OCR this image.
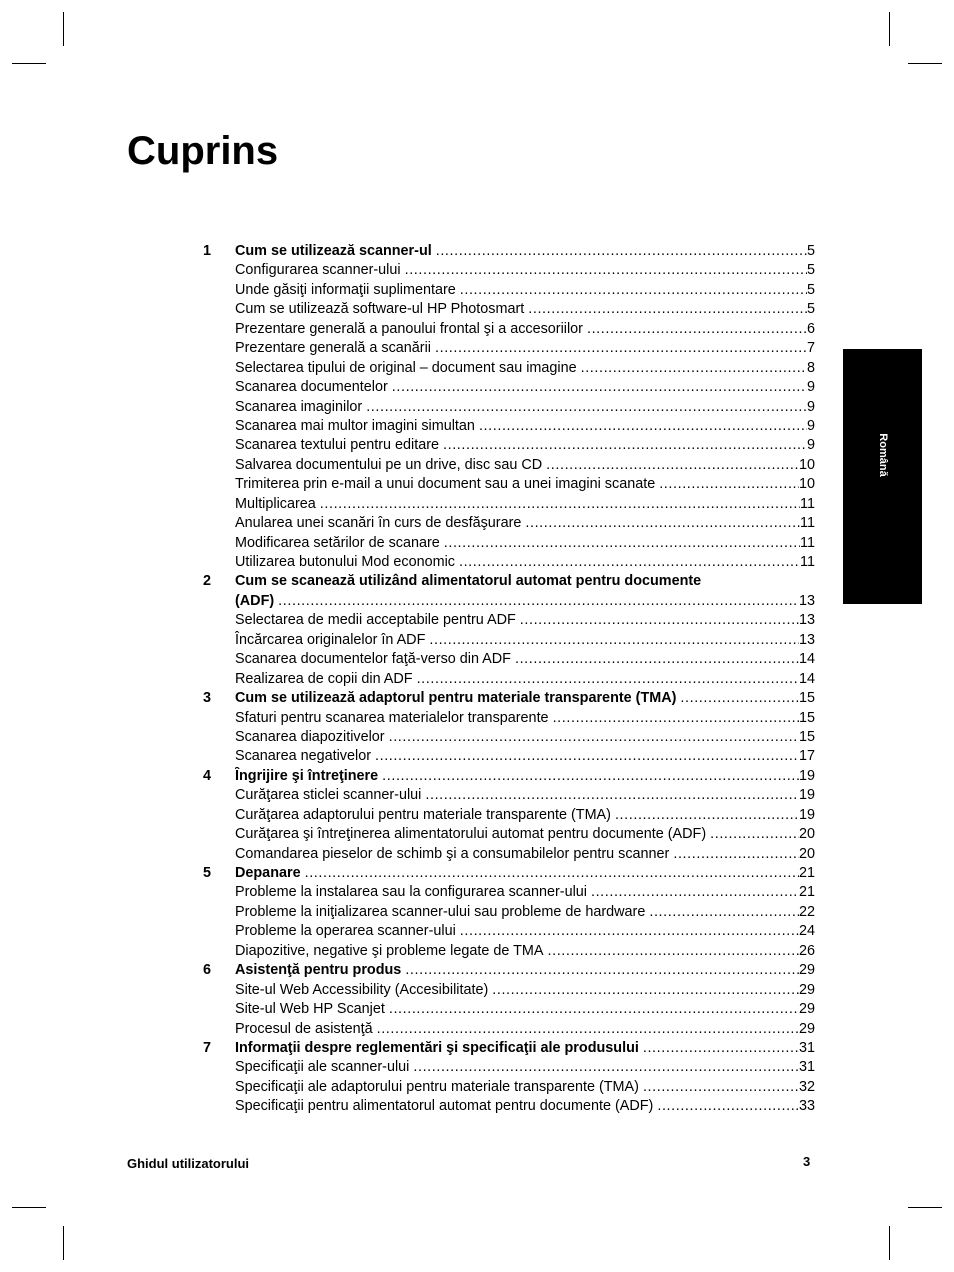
Cuprins
1 Cum se utilizează scanner-ul .....	5
Configurarea scanner-ului .....	5
Unde găsiţi informaţii suplimentare .....	5
Cum se utilizează software-ul HP Photosmart .....	5
Prezentare generală a panoului frontal şi a accesoriilor .....	6
Prezentare generală a scanării .....	7
Selectarea tipului de original – document sau imagine .....	8
Scanarea documentelor .....	9
Scanarea imaginilor .....	9
Scanarea mai multor imagini simultan .....	9
Scanarea textului pentru editare .....	9
Salvarea documentului pe un drive, disc sau CD .....	10
Trimiterea prin e-mail a unui document sau a unei imagini scanate .....	10
Multiplicarea .....	11
Anularea unei scanări în curs de desfăşurare .....	11
Modificarea setărilor de scanare .....	11
Utilizarea butonului Mod economic .....	11
2 Cum se scanează utilizând alimentatorul automat pentru documente
(ADF) .....	13
Selectarea de medii acceptabile pentru ADF .....	13
Încărcarea originalelor în ADF .....	13
Scanarea documentelor faţă-verso din ADF .....	14
Realizarea de copii din ADF .....	14
3 Cum se utilizează adaptorul pentru materiale transparente (TMA) .....	15
Sfaturi pentru scanarea materialelor transparente .....	15
Scanarea diapozitivelor .....	15
Scanarea negativelor .....	17
4 Îngrijire şi întreţinere .....	19
Curăţarea sticlei scanner-ului .....	19
Curăţarea adaptorului pentru materiale transparente (TMA) .....	19
Curăţarea şi întreţinerea alimentatorului automat pentru documente (ADF) .....	20
Comandarea pieselor de schimb şi a consumabilelor pentru scanner .....	20
5 Depanare .....	21
Probleme la instalarea sau la configurarea scanner-ului .....	21
Probleme la iniţializarea scanner-ului sau probleme de hardware .....	22
Probleme la operarea scanner-ului .....	24
Diapozitive, negative şi probleme legate de TMA .....	26
6 Asistenţă pentru produs .....	29
Site-ul Web Accessibility (Accesibilitate) .....	29
Site-ul Web HP Scanjet .....	29
Procesul de asistenţă .....	29
7 Informaţii despre reglementări şi specificaţii ale produsului .....	31
Specificaţii ale scanner-ului .....	31
Specificaţii ale adaptorului pentru materiale transparente (TMA) .....	32
Specificaţii pentru alimentatorul automat pentru documente (ADF) .....	33
Română
Ghidul utilizatorului	3
